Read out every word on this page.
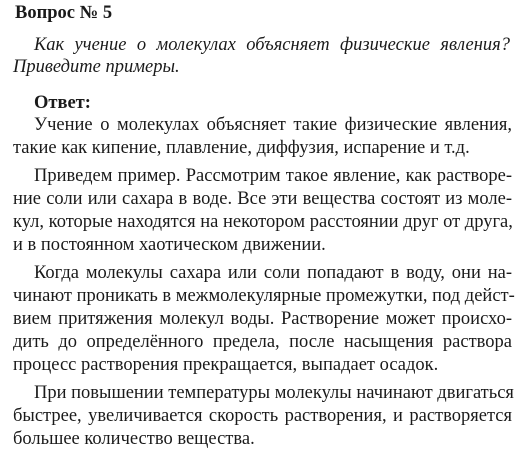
Вопрос № 5
Как учение о молекулах объясняет физические явления?
Приведите примеры.
Ответ:
Учение о молекулах объясняет такие физические явления,
такие как кипение, плавление, диффузия, испарение и т.д.
Приведем пример. Рассмотрим такое явление, как растворе-
ние соли или сахара в воде. Все эти вещества состоят из моле-
кул, которые находятся на некотором расстоянии друг от друга,
и в постоянном хаотическом движении.
Когда молекулы сахара или соли попадают в воду, они на-
чинают проникать в межмолекулярные промежутки, под дейст-
вием притяжения молекул воды. Растворение может происхо-
дить до определённого предела, после насыщения раствора
процесс растворения прекращается, выпадает осадок.
При повышении температуры молекулы начинают двигаться
быстрее, увеличивается скорость растворения, и растворяется
большее количество вещества.
